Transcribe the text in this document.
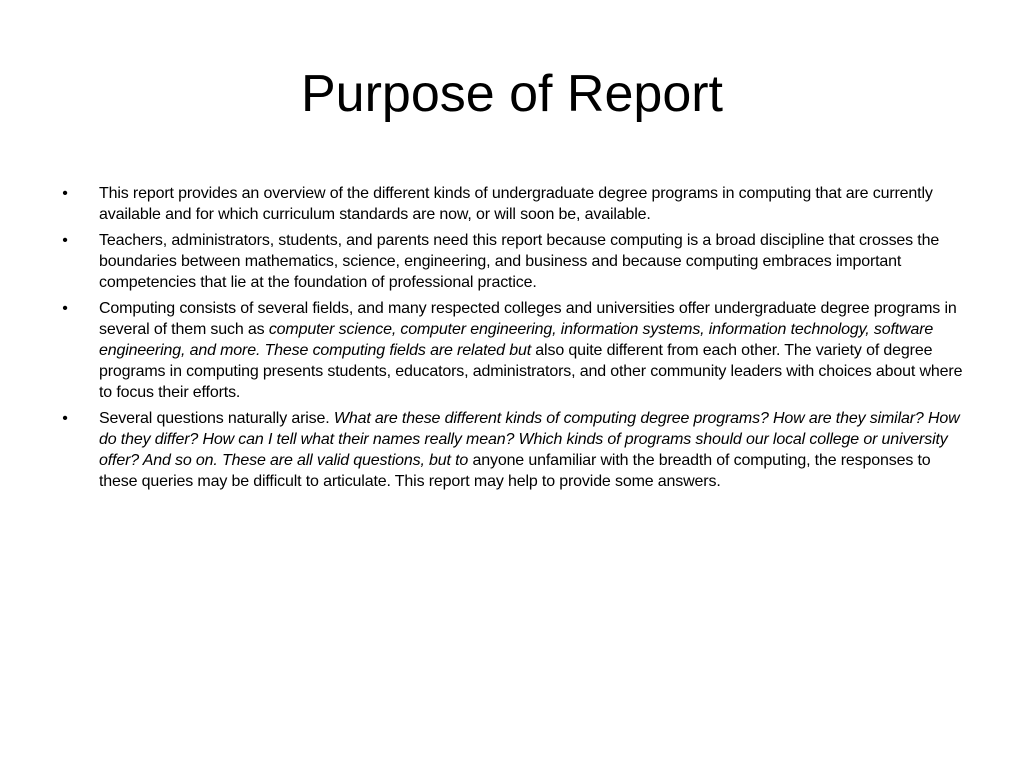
Purpose of Report
• This report provides an overview of the different kinds of undergraduate degree programs in computing that are currently available and for which curriculum standards are now, or will soon be, available.
• Teachers, administrators, students, and parents need this report because computing is a broad discipline that crosses the boundaries between mathematics, science, engineering, and business and because computing embraces important competencies that lie at the foundation of professional practice.
• Computing consists of several fields, and many respected colleges and universities offer undergraduate degree programs in several of them such as computer science, computer engineering, information systems, information technology, software engineering, and more. These computing fields are related but also quite different from each other. The variety of degree programs in computing presents students, educators, administrators, and other community leaders with choices about where to focus their efforts.
• Several questions naturally arise. What are these different kinds of computing degree programs? How are they similar? How do they differ? How can I tell what their names really mean? Which kinds of programs should our local college or university offer? And so on. These are all valid questions, but to anyone unfamiliar with the breadth of computing, the responses to these queries may be difficult to articulate. This report may help to provide some answers.
